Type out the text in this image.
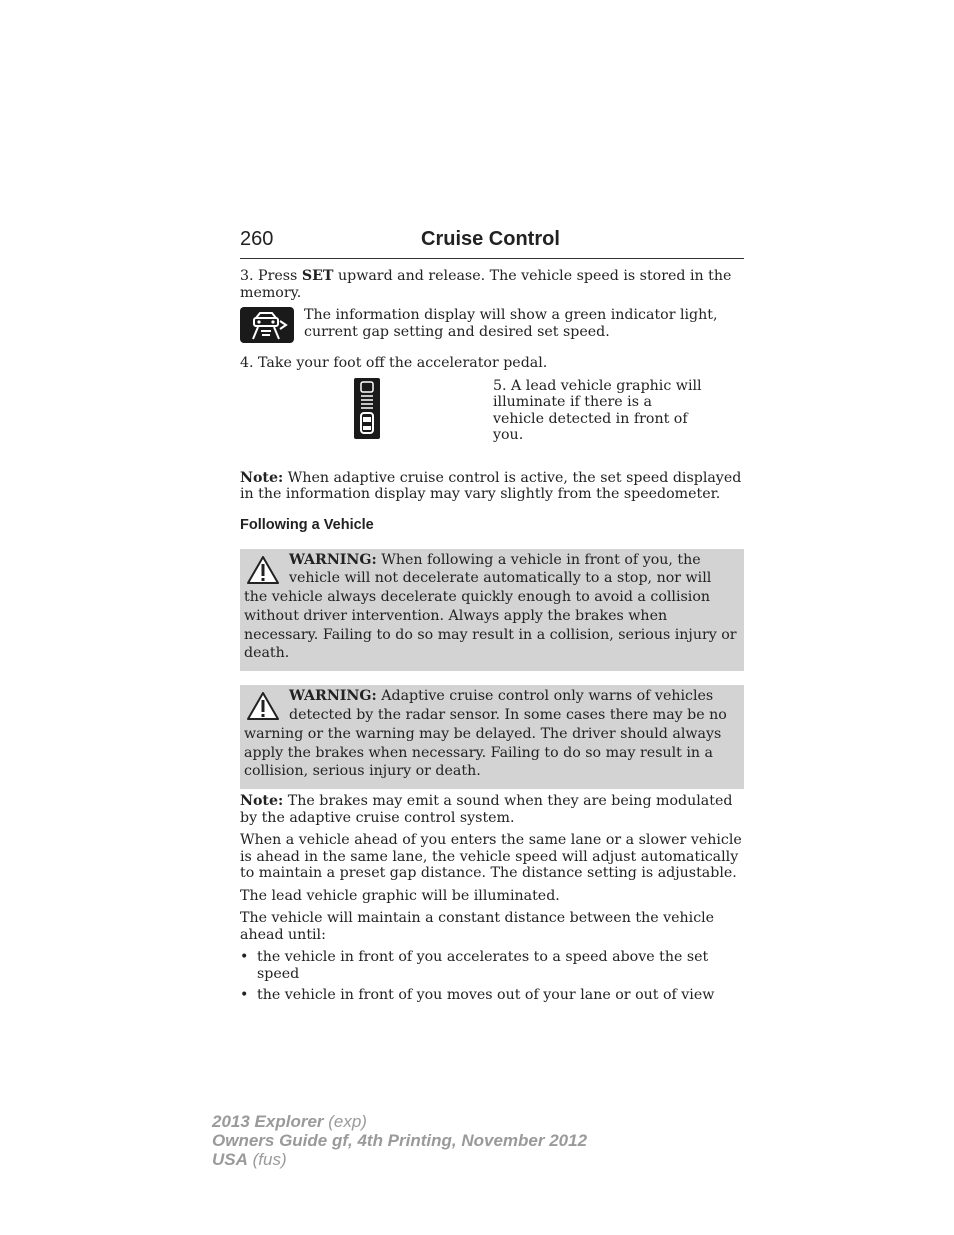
260	Cruise Control

3. Press SET upward and release. The vehicle speed is stored in the memory.

The information display will show a green indicator light, current gap setting and desired set speed.

4. Take your foot off the accelerator pedal.

5. A lead vehicle graphic will illuminate if there is a vehicle detected in front of you.

Note: When adaptive cruise control is active, the set speed displayed in the information display may vary slightly from the speedometer.

Following a Vehicle
WARNING: When following a vehicle in front of you, the vehicle will not decelerate automatically to a stop, nor will the vehicle always decelerate quickly enough to avoid a collision without driver intervention. Always apply the brakes when necessary. Failing to do so may result in a collision, serious injury or death.
WARNING: Adaptive cruise control only warns of vehicles detected by the radar sensor. In some cases there may be no warning or the warning may be delayed. The driver should always apply the brakes when necessary. Failing to do so may result in a collision, serious injury or death.

Note: The brakes may emit a sound when they are being modulated by the adaptive cruise control system.

When a vehicle ahead of you enters the same lane or a slower vehicle is ahead in the same lane, the vehicle speed will adjust automatically to maintain a preset gap distance. The distance setting is adjustable.

The lead vehicle graphic will be illuminated.

The vehicle will maintain a constant distance between the vehicle ahead until:

• the vehicle in front of you accelerates to a speed above the set speed
• the vehicle in front of you moves out of your lane or out of view
2013 Explorer (exp)
Owners Guide gf, 4th Printing, November 2012
USA (fus)
